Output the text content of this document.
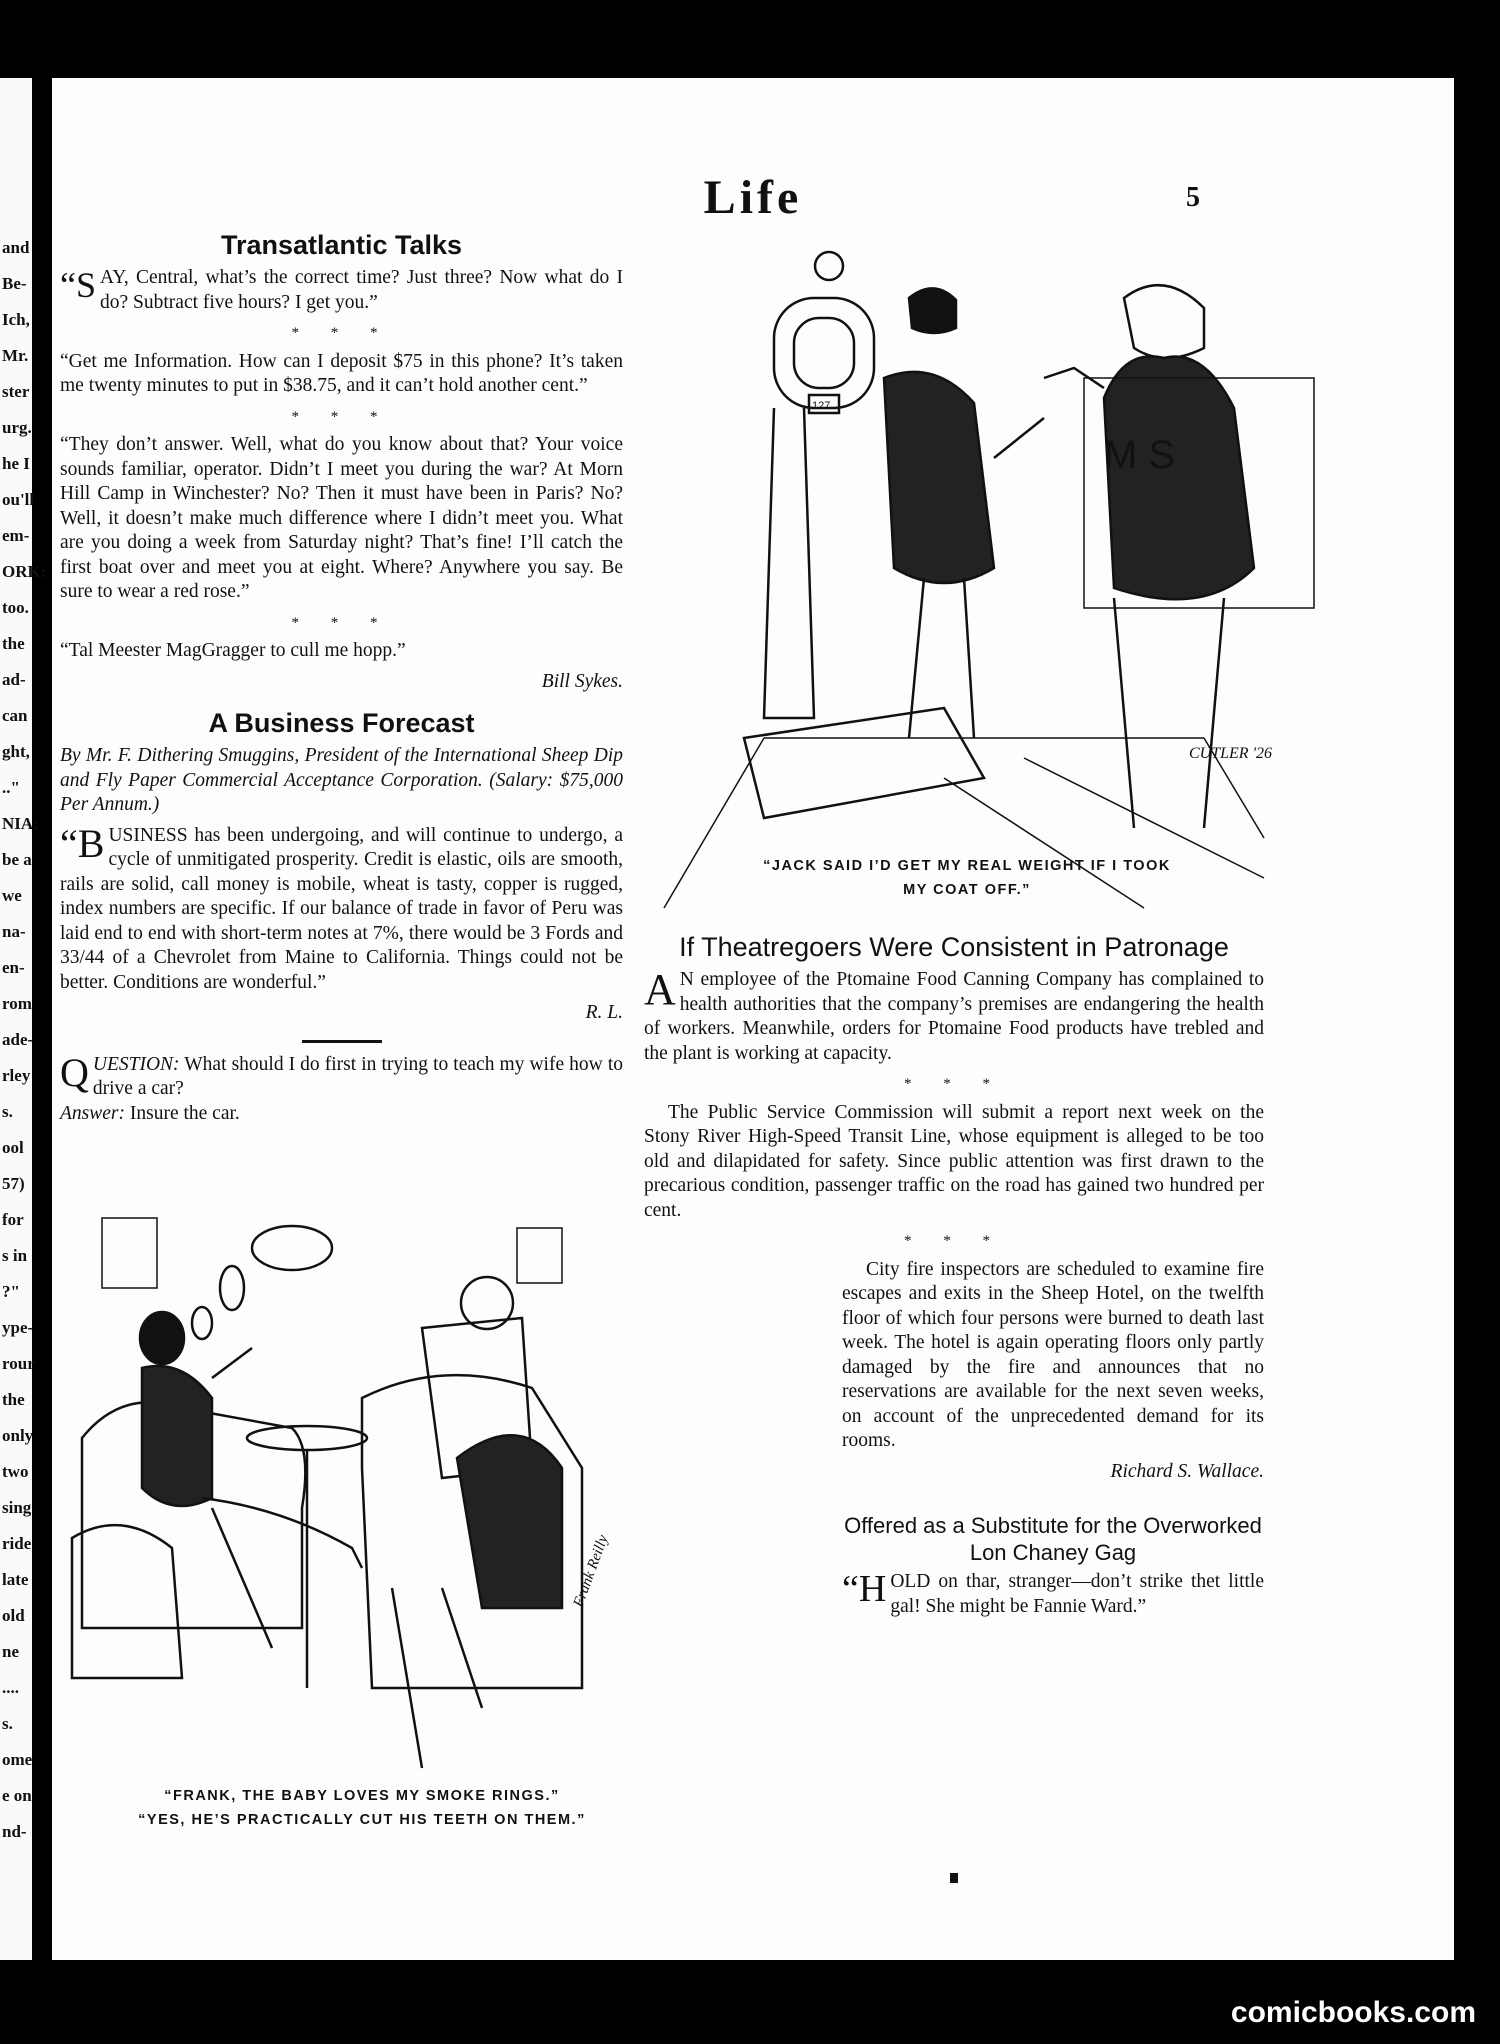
and
Be-
Ich,
Mr.
ster
urg.
he I
ou'll
em-
ORK:
too.
the
ad-
can
ght,
.."
NIA:
be a
we
na-
en-
rom
ade-
rley
s.
ool
57)
for
s in
?"
ype-
rour
the
only
two
sing
ride
late
old
ne
....
s.
ome
e on
nd-
Life	5
Transatlantic Talks

“SAY, Central, what’s the correct time? Just three? Now what do I do? Subtract five hours? I get you.”

* * *

“Get me Information. How can I deposit $75 in this phone? It’s taken me twenty minutes to put in $38.75, and it can’t hold another cent.”

* * *

“They don’t answer. Well, what do you know about that? Your voice sounds familiar, operator. Didn’t I meet you during the war? At Morn Hill Camp in Winchester? No? Then it must have been in Paris? No? Well, it doesn’t make much difference where I didn’t meet you. What are you doing a week from Saturday night? That’s fine! I’ll catch the first boat over and meet you at eight. Where? Anywhere you say. Be sure to wear a red rose.”

* * *

“Tal Meester MagGragger to cull me hopp.”

Bill Sykes.
A Business Forecast

By Mr. F. Dithering Smuggins, President of the International Sheep Dip and Fly Paper Commercial Acceptance Corporation. (Salary: $75,000 Per Annum.)

“BUSINESS has been undergoing, and will continue to undergo, a cycle of unmitigated prosperity. Credit is elastic, oils are smooth, rails are solid, call money is mobile, wheat is tasty, copper is rugged, index numbers are specific. If our balance of trade in favor of Peru was laid end to end with short-term notes at 7%, there would be 3 Fords and 33/44 of a Chevrolet from Maine to California. Things could not be better. Conditions are wonderful.”

R. L.

QUESTION: What should I do first in trying to teach my wife how to drive a car?
Answer: Insure the car.

CUTLER '26
127
M S
“JACK SAID I’D GET MY REAL WEIGHT IF I TOOK
MY COAT OFF.”
If Theatregoers Were Consistent in Patronage

A N employee of the Ptomaine Food Canning Company has complained to health authorities that the company’s premises are endangering the health of workers. Meanwhile, orders for Ptomaine Food products have trebled and the plant is working at capacity.

* * *

The Public Service Commission will submit a report next week on the Stony River High-Speed Transit Line, whose equipment is alleged to be too old and dilapidated for safety. Since public attention was first drawn to the precarious condition, passenger traffic on the road has gained two hundred per cent.

* * *

City fire inspectors are scheduled to examine fire escapes and exits in the Sheep Hotel, on the twelfth floor of which four persons were burned to death last week. The hotel is again operating floors only partly damaged by the fire and announces that no reservations are available for the next seven weeks, on account of the unprecedented demand for its rooms.

Richard S. Wallace.
Offered as a Substitute for the Overworked Lon Chaney Gag

“HOLD on thar, stranger—don’t strike thet little gal! She might be Fannie Ward.”

Frank Reilly
“FRANK, THE BABY LOVES MY SMOKE RINGS.”
“YES, HE’S PRACTICALLY CUT HIS TEETH ON THEM.”
comicbooks.com
